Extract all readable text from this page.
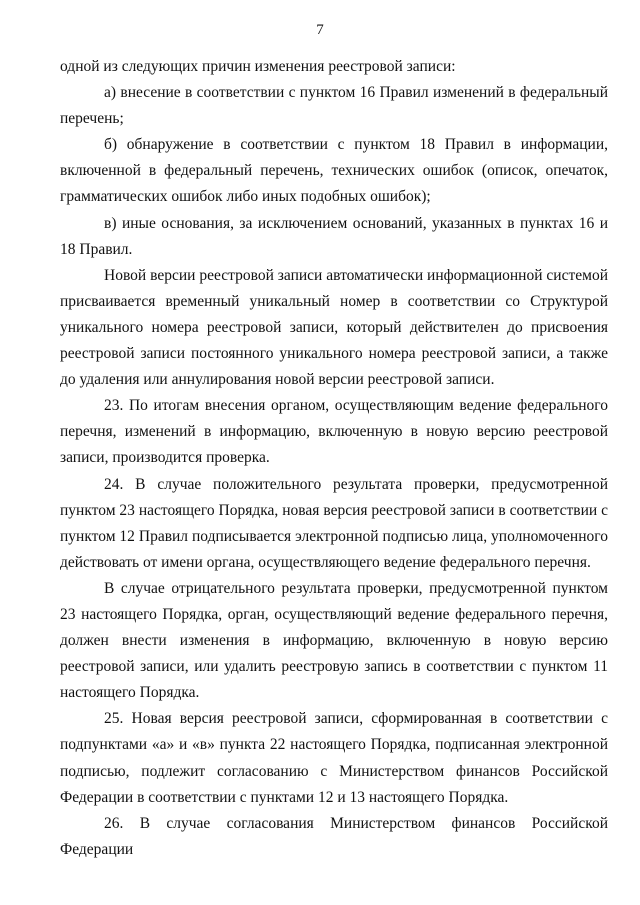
7

одной из следующих причин изменения реестровой записи:

а) внесение в соответствии с пунктом 16 Правил изменений в федеральный перечень;

б) обнаружение в соответствии с пунктом 18 Правил в информации, включенной в федеральный перечень, технических ошибок (описок, опечаток, грамматических ошибок либо иных подобных ошибок);

в) иные основания, за исключением оснований, указанных в пунктах 16 и 18 Правил.

Новой версии реестровой записи автоматически информационной системой присваивается временный уникальный номер в соответствии со Структурой уникального номера реестровой записи, который действителен до присвоения реестровой записи постоянного уникального номера реестровой записи, а также до удаления или аннулирования новой версии реестровой записи.

23. По итогам внесения органом, осуществляющим ведение федерального перечня, изменений в информацию, включенную в новую версию реестровой записи, производится проверка.

24. В случае положительного результата проверки, предусмотренной пунктом 23 настоящего Порядка, новая версия реестровой записи в соответствии с пунктом 12 Правил подписывается электронной подписью лица, уполномоченного действовать от имени органа, осуществляющего ведение федерального перечня.

В случае отрицательного результата проверки, предусмотренной пунктом 23 настоящего Порядка, орган, осуществляющий ведение федерального перечня, должен внести изменения в информацию, включенную в новую версию реестровой записи, или удалить реестровую запись в соответствии с пунктом 11 настоящего Порядка.

25. Новая версия реестровой записи, сформированная в соответствии с подпунктами «а» и «в» пункта 22 настоящего Порядка, подписанная электронной подписью, подлежит согласованию с Министерством финансов Российской Федерации в соответствии с пунктами 12 и 13 настоящего Порядка.

26. В случае согласования Министерством финансов Российской Федерации
